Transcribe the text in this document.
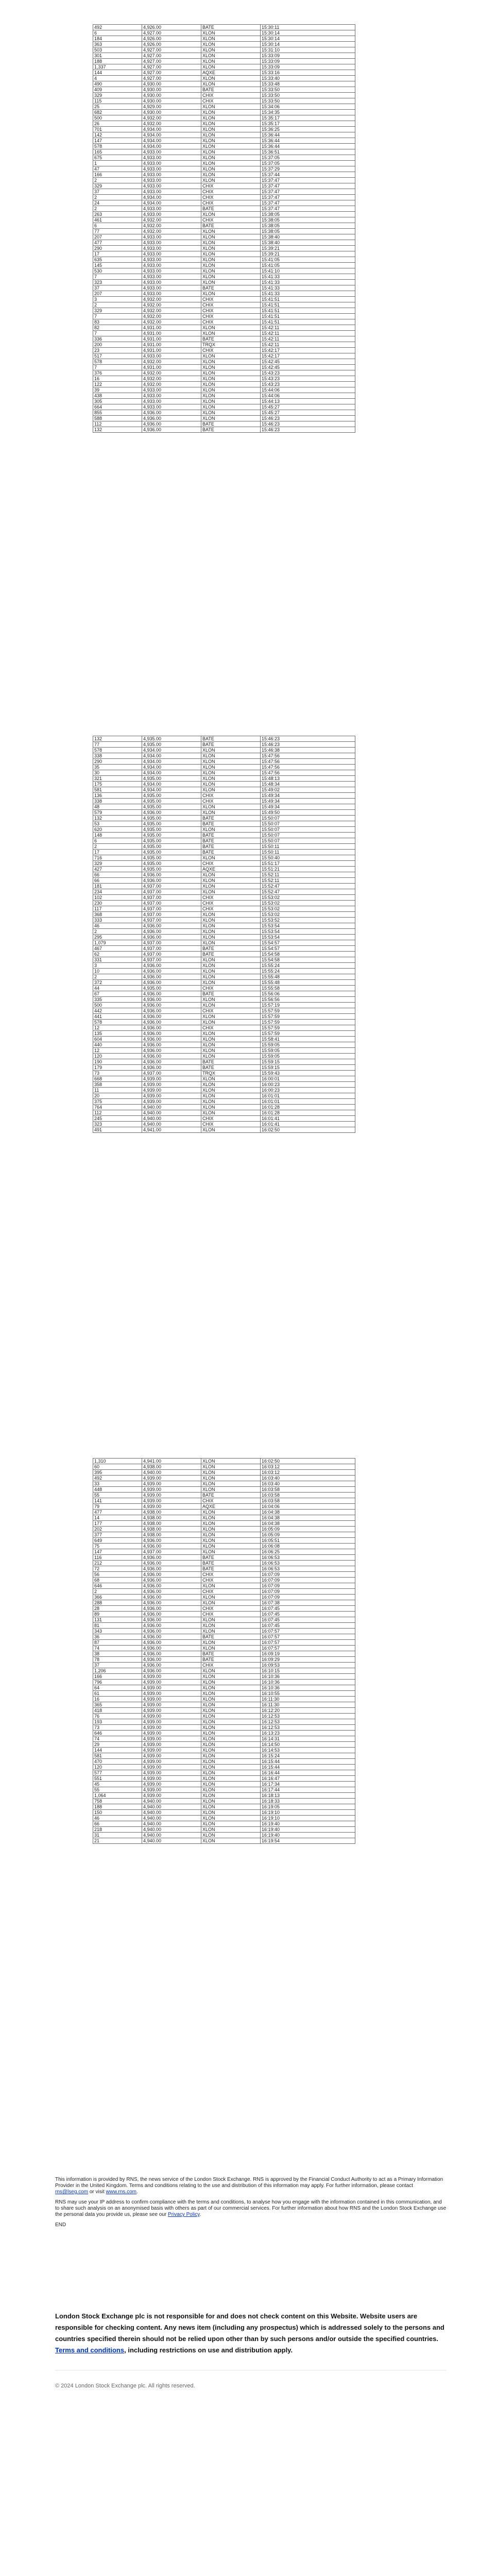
492	4,926.00	BATE	15:30:11
6	4,927.00	XLON	15:30:14
184	4,926.00	XLON	15:30:14
363	4,926.00	XLON	15:30:14
503	4,927.00	XLON	15:31:10
301	4,927.00	XLON	15:33:09
188	4,927.00	XLON	15:33:09
1,337	4,927.00	XLON	15:33:09
144	4,927.00	AQXE	15:33:16
4	4,927.00	XLON	15:33:40
490	4,930.00	XLON	15:33:48
409	4,930.00	BATE	15:33:50
329	4,930.00	CHIX	15:33:50
115	4,930.00	CHIX	15:33:50
25	4,929.00	XLON	15:34:06
682	4,930.00	XLON	15:34:35
500	4,932.00	XLON	15:35:17
26	4,932.00	XLON	15:35:17
701	4,934.00	XLON	15:36:25
142	4,934.00	XLON	15:36:44
147	4,934.00	XLON	15:36:44
578	4,934.00	XLON	15:36:44
165	4,933.00	XLON	15:36:51
675	4,933.00	XLON	15:37:05
1	4,933.00	XLON	15:37:05
47	4,933.00	XLON	15:37:29
166	4,933.00	XLON	15:37:44
2	4,933.00	XLON	15:37:47
329	4,933.00	CHIX	15:37:47
37	4,933.00	CHIX	15:37:47
2	4,934.00	CHIX	15:37:47
24	4,934.00	CHIX	15:37:47
2	4,933.00	BATE	15:37:47
263	4,933.00	XLON	15:38:05
461	4,932.00	CHIX	15:38:05
6	4,932.00	BATE	15:38:05
77	4,932.00	XLON	15:38:05
207	4,933.00	XLON	15:38:40
477	4,933.00	XLON	15:38:40
290	4,933.00	XLON	15:39:21
17	4,933.00	XLON	15:39:21
635	4,933.00	XLON	15:41:05
145	4,933.00	XLON	15:41:05
530	4,933.00	XLON	15:41:10
7	4,933.00	XLON	15:41:33
323	4,933.00	XLON	15:41:33
37	4,933.00	BATE	15:41:33
207	4,933.00	XLON	15:41:33
3	4,932.00	CHIX	15:41:51
2	4,932.00	CHIX	15:41:51
329	4,932.00	CHIX	15:41:51
7	4,932.00	CHIX	15:41:51
83	4,932.00	CHIX	15:41:51
82	4,931.00	XLON	15:42:11
7	4,931.00	XLON	15:42:11
336	4,931.00	BATE	15:42:11
200	4,931.00	TRQX	15:42:11
23	4,931.00	CHIX	15:42:17
517	4,933.00	XLON	15:42:17
578	4,932.00	XLON	15:42:45
7	4,931.00	XLON	15:42:45
376	4,932.00	XLON	15:43:23
16	4,932.00	XLON	15:43:23
122	4,932.00	XLON	15:43:23
39	4,933.00	XLON	15:44:06
438	4,933.00	XLON	15:44:06
305	4,933.00	XLON	15:44:13
664	4,933.00	XLON	15:45:27
855	4,936.00	XLON	15:45:27
588	4,936.00	XLON	15:46:23
112	4,936.00	BATE	15:46:23
132	4,936.00	BATE	15:46:23
132	4,935.00	BATE	15:46:23
77	4,935.00	BATE	15:46:23
578	4,934.00	XLON	15:46:38
338	4,934.00	XLON	15:47:56
290	4,934.00	XLON	15:47:56
35	4,934.00	XLON	15:47:56
30	4,934.00	XLON	15:47:56
321	4,935.00	XLON	15:48:13
175	4,934.00	XLON	15:48:34
581	4,934.00	XLON	15:49:02
136	4,935.00	CHIX	15:49:34
338	4,935.00	CHIX	15:49:34
48	4,935.00	XLON	15:49:34
579	4,936.00	XLON	15:49:50
132	4,935.00	BATE	15:50:07
53	4,935.00	BATE	15:50:07
620	4,935.00	XLON	15:50:07
148	4,935.00	BATE	15:50:07
6	4,935.00	BATE	15:50:07
2	4,935.00	BATE	15:50:11
17	4,935.00	BATE	15:50:11
716	4,935.00	XLON	15:50:40
329	4,935.00	CHIX	15:51:17
427	4,935.00	AQXE	15:51:21
66	4,936.00	XLON	15:52:11
66	4,936.00	XLON	15:52:11
181	4,937.00	XLON	15:52:47
234	4,937.00	XLON	15:52:47
102	4,937.00	CHIX	15:53:02
230	4,937.00	CHIX	15:53:02
117	4,937.00	CHIX	15:53:02
368	4,937.00	XLON	15:53:02
333	4,937.00	XLON	15:53:52
46	4,936.00	XLON	15:53:54
2	4,936.00	XLON	15:53:54
295	4,936.00	XLON	15:53:54
1,079	4,937.00	XLON	15:54:57
467	4,937.00	BATE	15:54:57
62	4,937.00	BATE	15:54:58
331	4,937.00	XLON	15:54:58
3	4,936.00	XLON	15:55:24
10	4,936.00	XLON	15:55:24
2	4,936.00	XLON	15:55:48
372	4,936.00	XLON	15:55:48
44	4,935.00	CHIX	15:55:58
67	4,936.00	BATE	15:56:06
335	4,936.00	XLON	15:56:56
500	4,936.00	XLON	15:57:19
442	4,936.00	CHIX	15:57:59
441	4,936.00	XLON	15:57:59
578	4,936.00	XLON	15:57:59
12	4,936.00	CHIX	15:57:59
135	4,936.00	XLON	15:57:59
604	4,936.00	XLON	15:58:41
440	4,936.00	XLON	15:59:05
12	4,936.00	XLON	15:59:05
120	4,936.00	XLON	15:59:05
190	4,936.00	BATE	15:59:15
179	4,936.00	BATE	15:59:15
73	4,937.00	TRQX	15:59:43
668	4,939.00	XLON	16:00:01
358	4,939.00	XLON	16:00:23
11	4,939.00	XLON	16:00:23
20	4,939.00	XLON	16:01:01
375	4,939.00	XLON	16:01:01
764	4,940.00	XLON	16:01:28
112	4,940.00	XLON	16:01:28
245	4,940.00	CHIX	16:01:41
323	4,940.00	CHIX	16:01:41
491	4,941.00	XLON	16:02:50
1,310	4,941.00	XLON	16:02:50
60	4,938.00	XLON	16:03:12
395	4,940.00	XLON	16:03:12
492	4,939.00	XLON	16:03:40
33	4,939.00	XLON	16:03:40
448	4,939.00	XLON	16:03:58
55	4,939.00	BATE	16:03:58
141	4,939.00	CHIX	16:03:58
79	4,939.00	AQXE	16:04:06
477	4,938.00	XLON	16:04:38
14	4,938.00	XLON	16:04:38
177	4,938.00	XLON	16:04:38
202	4,938.00	XLON	16:05:09
377	4,938.00	XLON	16:05:09
649	4,936.00	XLON	16:05:51
75	4,936.00	XLON	16:06:08
147	4,937.00	XLON	16:06:25
116	4,936.00	BATE	16:06:53
212	4,936.00	BATE	16:06:53
72	4,936.00	BATE	16:06:53
56	4,936.00	CHIX	16:07:09
68	4,936.00	CHIX	16:07:09
646	4,936.00	XLON	16:07:09
2	4,936.00	CHIX	16:07:09
366	4,936.00	XLON	16:07:09
288	4,936.00	XLON	16:07:38
28	4,936.00	CHIX	16:07:45
89	4,936.00	CHIX	16:07:45
131	4,936.00	XLON	16:07:45
81	4,936.00	XLON	16:07:45
343	4,936.00	XLON	16:07:57
36	4,936.00	BATE	16:07:57
87	4,936.00	XLON	16:07:57
74	4,936.00	XLON	16:07:57
38	4,936.00	BATE	16:09:19
78	4,936.00	BATE	16:09:29
37	4,936.00	CHIX	16:09:53
1,206	4,936.00	XLON	16:10:15
166	4,939.00	XLON	16:10:36
796	4,939.00	XLON	16:10:36
64	4,939.00	XLON	16:10:36
61	4,939.00	XLON	16:10:55
16	4,939.00	XLON	16:11:30
365	4,939.00	XLON	16:11:30
418	4,939.00	XLON	16:12:20
76	4,939.00	XLON	16:12:53
193	4,939.00	XLON	16:12:53
73	4,939.00	XLON	16:12:53
646	4,939.00	XLON	16:13:23
74	4,939.00	XLON	16:14:31
29	4,939.00	XLON	16:14:50
144	4,939.00	XLON	16:14:53
581	4,939.00	XLON	16:15:24
470	4,939.00	XLON	16:15:44
120	4,939.00	XLON	16:15:44
577	4,939.00	XLON	16:16:44
551	4,939.00	XLON	16:16:47
45	4,939.00	XLON	16:17:34
55	4,939.00	XLON	16:17:44
1,064	4,939.00	XLON	16:18:13
758	4,940.00	XLON	16:18:33
188	4,940.00	XLON	16:19:05
150	4,940.00	XLON	16:19:10
46	4,940.00	XLON	16:19:10
66	4,940.00	XLON	16:19:40
218	4,940.00	XLON	16:19:40
31	4,940.00	XLON	16:19:40
21	4,940.00	XLON	16:19:54

This information is provided by RNS, the news service of the London Stock Exchange. RNS is approved by the Financial Conduct Authority to act as a Primary Information Provider in the United Kingdom. Terms and conditions relating to the use and distribution of this information may apply. For further information, please contact rns@lseg.com or visit www.rns.com.

RNS may use your IP address to confirm compliance with the terms and conditions, to analyse how you engage with the information contained in this communication, and to share such analysis on an anonymised basis with others as part of our commercial services. For further information about how RNS and the London Stock Exchange use the personal data you provide us, please see our Privacy Policy.

END

London Stock Exchange plc is not responsible for and does not check content on this Website. Website users are responsible for checking content. Any news item (including any prospectus) which is addressed solely to the persons and countries specified therein should not be relied upon other than by such persons and/or outside the specified countries. Terms and conditions, including restrictions on use and distribution apply.
© 2024 London Stock Exchange plc. All rights reserved.
